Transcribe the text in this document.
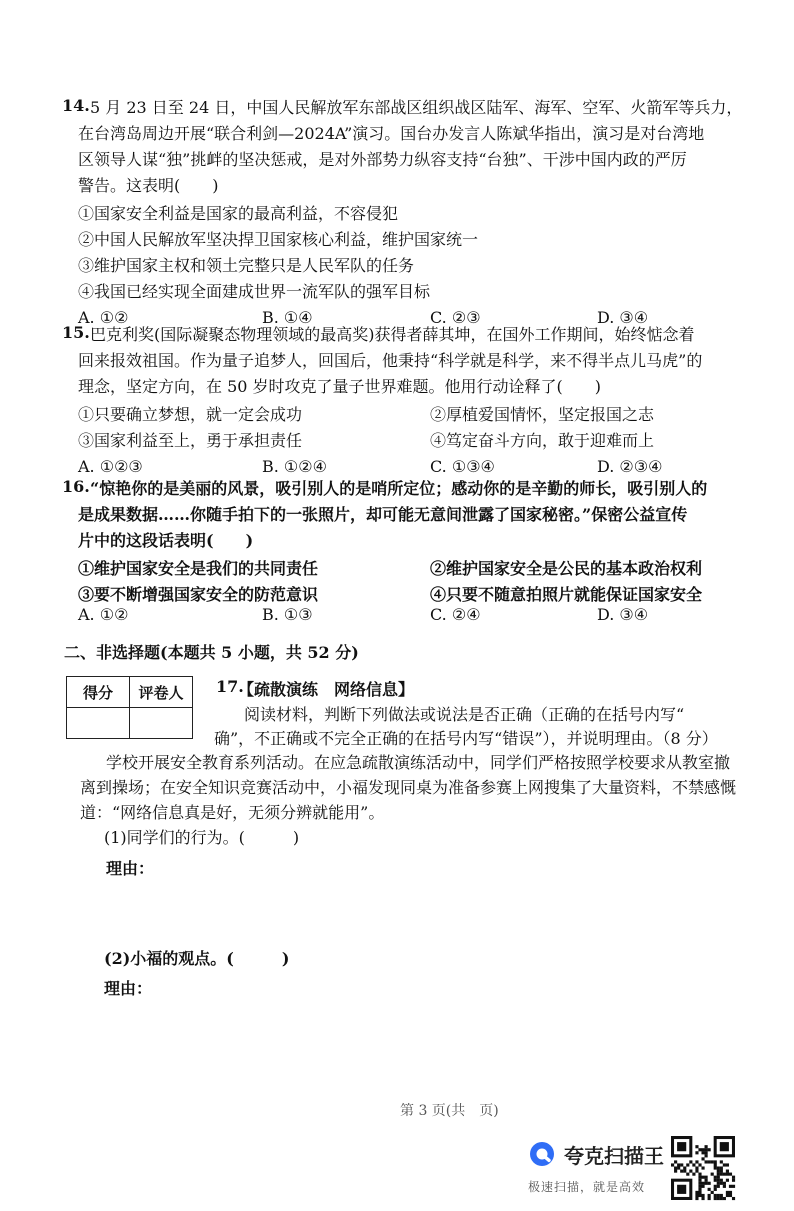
14. 5 月 23 日至 24 日，中国人民解放军东部战区组织战区陆军、海军、空军、火箭军等兵力，
在台湾岛周边开展“联合利剑—2024A”演习。国台办发言人陈斌华指出，演习是对台湾地
区领导人谋“独”挑衅的坚决惩戒，是对外部势力纵容支持“台独”、干涉中国内政的严厉
警告。这表明(　　)
①国家安全利益是国家的最高利益，不容侵犯
②中国人民解放军坚决捍卫国家核心利益，维护国家统一
③维护国家主权和领土完整只是人民军队的任务
④我国已经实现全面建成世界一流军队的强军目标
A. ①②	B. ①④	C. ②③	D. ③④
15. 巴克利奖(国际凝聚态物理领域的最高奖)获得者薛其坤，在国外工作期间，始终惦念着
回来报效祖国。作为量子追梦人，回国后，他秉持“科学就是科学，来不得半点儿马虎”的
理念，坚定方向，在 50 岁时攻克了量子世界难题。他用行动诠释了(　　)
①只要确立梦想，就一定会成功	②厚植爱国情怀，坚定报国之志
③国家利益至上，勇于承担责任	④笃定奋斗方向，敢于迎难而上
A. ①②③	B. ①②④	C. ①③④	D. ②③④
16. “惊艳你的是美丽的风景，吸引别人的是哨所定位；感动你的是辛勤的师长，吸引别人的
是成果数据……你随手拍下的一张照片，却可能无意间泄露了国家秘密。”保密公益宣传
片中的这段话表明(　　)
①维护国家安全是我们的共同责任	②维护国家安全是公民的基本政治权利
③要不断增强国家安全的防范意识	④只要不随意拍照片就能保证国家安全
A. ①②	B. ①③	C. ②④	D. ③④
二、非选择题(本题共 5 小题，共 52 分)
得分	评卷人
	17.
【疏散演练　网络信息】
阅读材料，判断下列做法或说法是否正确（正确的在括号内写“
确”，不正确或不完全正确的在括号内写“错误”），并说明理由。（8 分）
学校开展安全教育系列活动。在应急疏散演练活动中，同学们严格按照学校要求从教室撤
离到操场；在安全知识竞赛活动中，小福发现同桌为准备参赛上网搜集了大量资料，不禁感慨
道：“网络信息真是好，无须分辨就能用”。
(1)同学们的行为。(　　　)
理由：
(2)小福的观点。(　　　)
理由：
第 3 页(共　页)
夸克扫描王
极速扫描，就是高效
